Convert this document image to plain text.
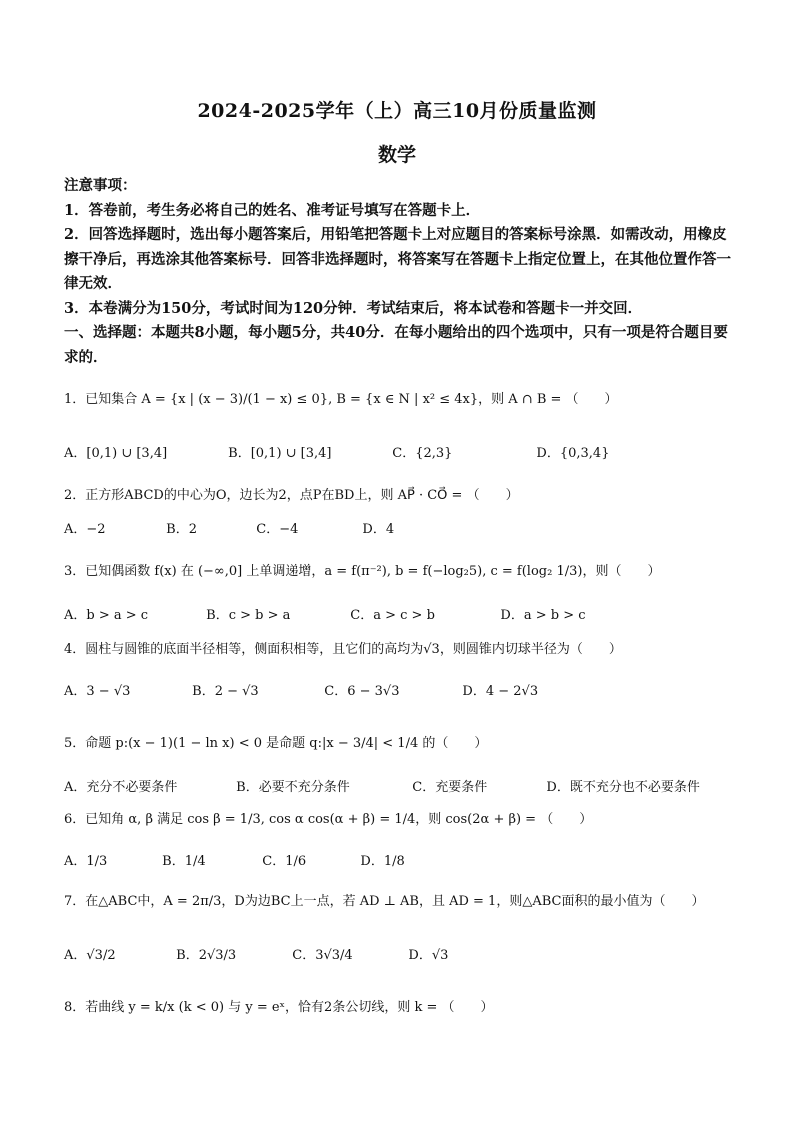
2024-2025学年（上）高三10月份质量监测
数学

注意事项：

1．答卷前，考生务必将自己的姓名、准考证号填写在答题卡上．

2．回答选择题时，选出每小题答案后，用铅笔把答题卡上对应题目的答案标号涂黑．如需改动，用橡皮擦干净后，再选涂其他答案标号．回答非选择题时，将答案写在答题卡上指定位置上，在其他位置作答一律无效．

3．本卷满分为150分，考试时间为120分钟．考试结束后，将本试卷和答题卡一并交回．

一、选择题：本题共8小题，每小题5分，共40分．在每小题给出的四个选项中，只有一项是符合题目要求的．

1．已知集合 A = {x | (x − 3)/(1 − x) ≤ 0}, B = {x ∈ N | x² ≤ 4x}，则 A ∩ B = （　　）
A．[0,1) ∪ [3,4]	B．[0,1) ∪ [3,4]	C．{2,3}	D．{0,3,4}
2．正方形ABCD的中心为O，边长为2，点P在BD上，则 AP⃗ · CO⃗ = （　　）
A．−2	B．2	C．−4	D．4
3．已知偶函数 f(x) 在 (−∞,0] 上单调递增，a = f(π⁻²), b = f(−log₂5), c = f(log₂ 1/3)，则（　　）
A．b > a > c	B．c > b > a	C．a > c > b	D．a > b > c
4．圆柱与圆锥的底面半径相等，侧面积相等，且它们的高均为√3，则圆锥内切球半径为（　　）
A．3 − √3	B．2 − √3	C．6 − 3√3	D．4 − 2√3
5．命题 p:(x − 1)(1 − ln x) < 0 是命题 q:|x − 3/4| < 1/4 的（　　）
A．充分不必要条件	B．必要不充分条件	C．充要条件	D．既不充分也不必要条件
6．已知角 α, β 满足 cos β = 1/3, cos α cos(α + β) = 1/4，则 cos(2α + β) = （　　）
A．1/3	B．1/4	C．1/6	D．1/8
7．在△ABC中，A = 2π/3，D为边BC上一点，若 AD ⊥ AB，且 AD = 1，则△ABC面积的最小值为（　　）
A．√3/2	B．2√3/3	C．3√3/4	D．√3
8．若曲线 y = k/x (k < 0) 与 y = eˣ，恰有2条公切线，则 k = （　　）
